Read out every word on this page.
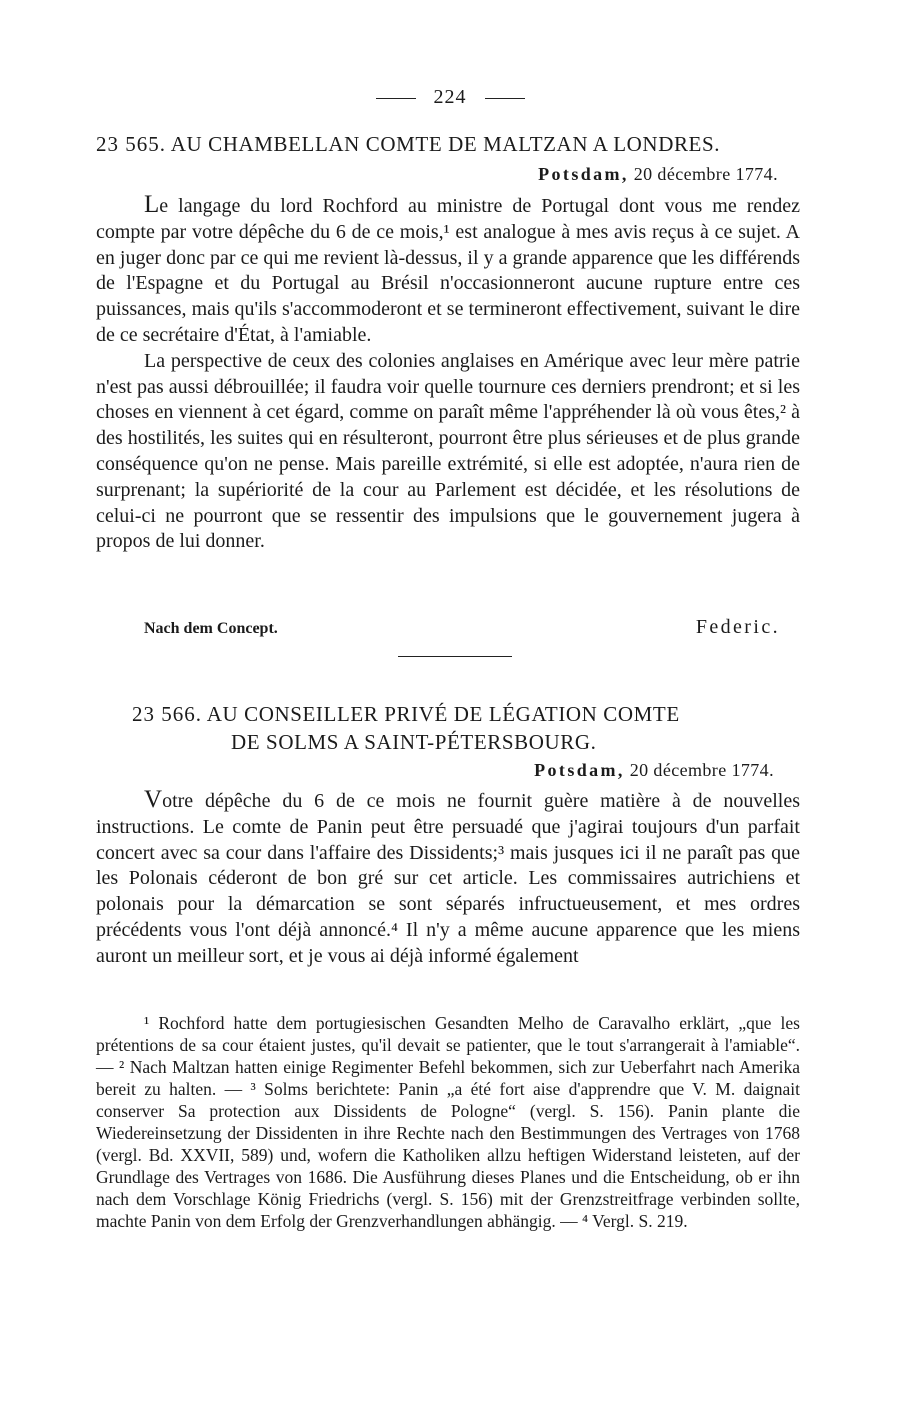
224
23 565. AU CHAMBELLAN COMTE DE MALTZAN A LONDRES.
Potsdam, 20 décembre 1774.

Le langage du lord Rochford au ministre de Portugal dont vous me rendez compte par votre dépêche du 6 de ce mois,¹ est analogue à mes avis reçus à ce sujet. A en juger donc par ce qui me revient là-dessus, il y a grande apparence que les différends de l'Espagne et du Portugal au Brésil n'occasionneront aucune rupture entre ces puissances, mais qu'ils s'accommoderont et se termineront effectivement, suivant le dire de ce secrétaire d'État, à l'amiable.

La perspective de ceux des colonies anglaises en Amérique avec leur mère patrie n'est pas aussi débrouillée; il faudra voir quelle tournure ces derniers prendront; et si les choses en viennent à cet égard, comme on paraît même l'appréhender là où vous êtes,² à des hostilités, les suites qui en résulteront, pourront être plus sérieuses et de plus grande conséquence qu'on ne pense. Mais pareille extrémité, si elle est adoptée, n'aura rien de surprenant; la supériorité de la cour au Parlement est décidée, et les résolutions de celui-ci ne pourront que se ressentir des impulsions que le gouvernement jugera à propos de lui donner.

Nach dem Concept.	Federic.
23 566. AU CONSEILLER PRIVÉ DE LÉGATION COMTE
DE SOLMS A SAINT-PÉTERSBOURG.
Potsdam, 20 décembre 1774.

Votre dépêche du 6 de ce mois ne fournit guère matière à de nouvelles instructions. Le comte de Panin peut être persuadé que j'agirai toujours d'un parfait concert avec sa cour dans l'affaire des Dissidents;³ mais jusques ici il ne paraît pas que les Polonais céderont de bon gré sur cet article. Les commissaires autrichiens et polonais pour la démarcation se sont séparés infructueusement, et mes ordres précédents vous l'ont déjà annoncé.⁴ Il n'y a même aucune apparence que les miens auront un meilleur sort, et je vous ai déjà informé également

¹ Rochford hatte dem portugiesischen Gesandten Melho de Caravalho erklärt, „que les prétentions de sa cour étaient justes, qu'il devait se patienter, que le tout s'arrangerait à l'amiable“. — ² Nach Maltzan hatten einige Regimenter Befehl bekommen, sich zur Ueberfahrt nach Amerika bereit zu halten. — ³ Solms berichtete: Panin „a été fort aise d'apprendre que V. M. daignait conserver Sa protection aux Dissidents de Pologne“ (vergl. S. 156). Panin plante die Wiedereinsetzung der Dissidenten in ihre Rechte nach den Bestimmungen des Vertrages von 1768 (vergl. Bd. XXVII, 589) und, wofern die Katholiken allzu heftigen Widerstand leisteten, auf der Grundlage des Vertrages von 1686. Die Ausführung dieses Planes und die Entscheidung, ob er ihn nach dem Vorschlage König Friedrichs (vergl. S. 156) mit der Grenzstreitfrage verbinden sollte, machte Panin von dem Erfolg der Grenzverhandlungen abhängig. — ⁴ Vergl. S. 219.
